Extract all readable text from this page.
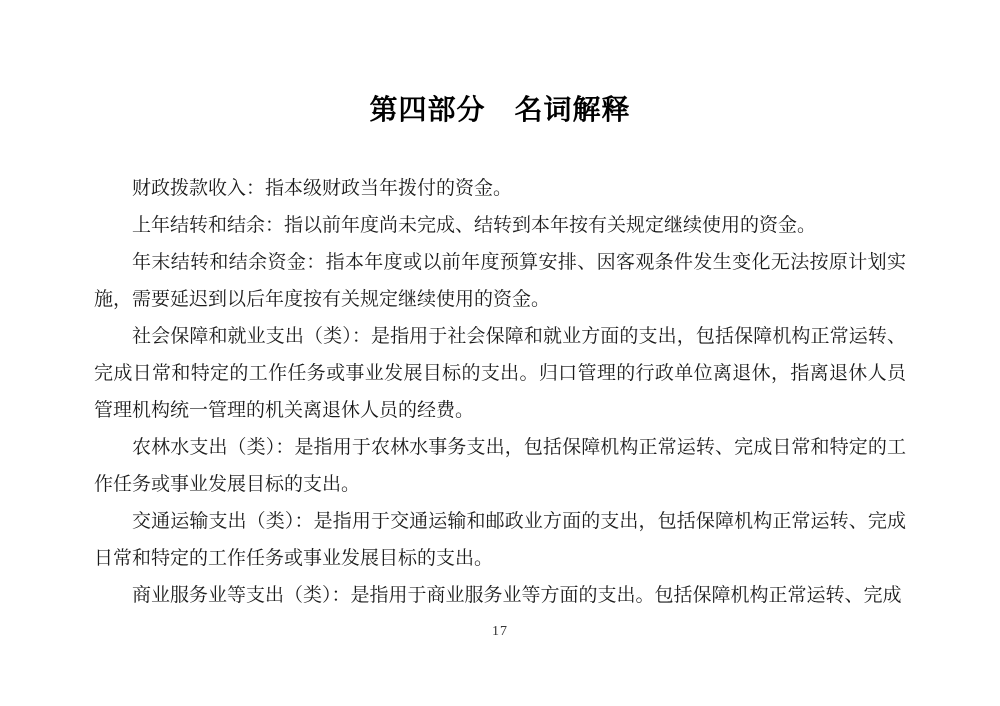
第四部分　名词解释

财政拨款收入：指本级财政当年拨付的资金。

上年结转和结余：指以前年度尚未完成、结转到本年按有关规定继续使用的资金。

年末结转和结余资金：指本年度或以前年度预算安排、因客观条件发生变化无法按原计划实施，需要延迟到以后年度按有关规定继续使用的资金。

社会保障和就业支出（类）：是指用于社会保障和就业方面的支出，包括保障机构正常运转、完成日常和特定的工作任务或事业发展目标的支出。归口管理的行政单位离退休，指离退休人员管理机构统一管理的机关离退休人员的经费。

农林水支出（类）：是指用于农林水事务支出，包括保障机构正常运转、完成日常和特定的工作任务或事业发展目标的支出。

交通运输支出（类）：是指用于交通运输和邮政业方面的支出，包括保障机构正常运转、完成日常和特定的工作任务或事业发展目标的支出。

商业服务业等支出（类）：是指用于商业服务业等方面的支出。包括保障机构正常运转、完成

17
